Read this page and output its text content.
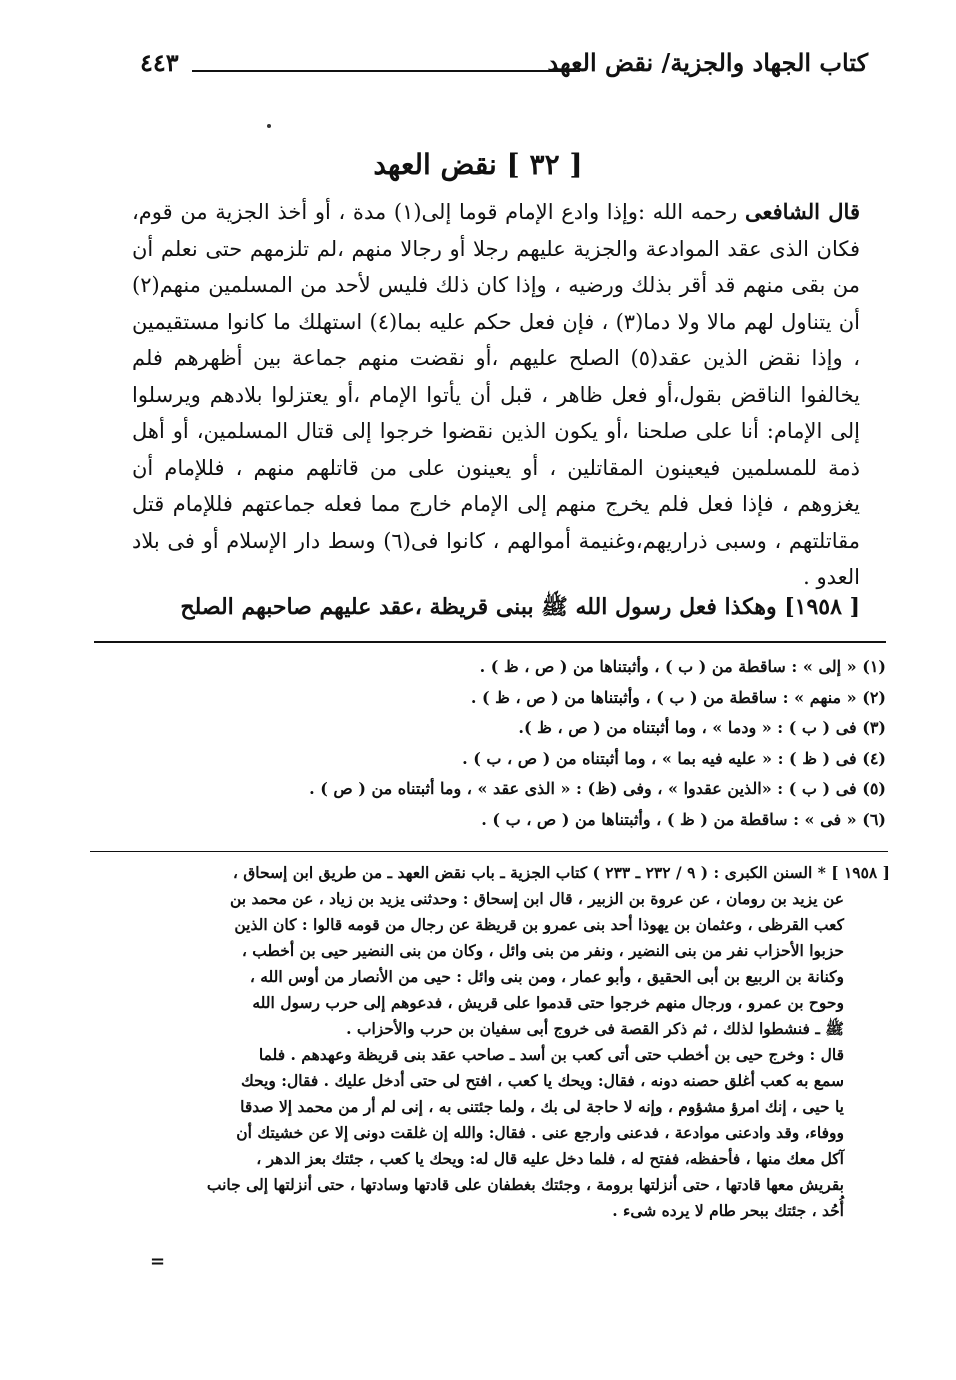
كتاب الجهاد والجزية/ نقض العهد
٤٤٣
[ ٣٢ ] نقض العهد
قال الشافعى رحمه الله :وإذا وادع الإمام قوما إلى(١) مدة ، أو أخذ الجزية من قوم، فكان الذى عقد الموادعة والجزية عليهم رجلا أو رجالا منهم ،لم تلزمهم حتى نعلم أن من بقى منهم قد أقر بذلك ورضيه ، وإذا كان ذلك فليس لأحد من المسلمين منهم(٢) أن يتناول لهم مالا ولا دما(٣) ، فإن فعل حكم عليه بما(٤) استهلك ما كانوا مستقيمين ، وإذا نقض الذين عقد(٥) الصلح عليهم ،أو نقضت منهم جماعة بين أظهرهم فلم يخالفوا الناقض بقول،أو فعل ظاهر ، قبل أن يأتوا الإمام ،أو يعتزلوا بلادهم ويرسلوا إلى الإمام: أنا على صلحنا ،أو يكون الذين نقضوا خرجوا إلى قتال المسلمين، أو أهل ذمة للمسلمين فيعينون المقاتلين ، أو يعينون على من قاتلهم منهم ، فللإمام أن يغزوهم ، فإذا فعل فلم يخرج منهم إلى الإمام خارج مما فعله جماعتهم فللإمام قتل مقاتلتهم ، وسبى ذراريهم،وغنيمة أموالهم ، كانوا فى(٦) وسط دار الإسلام أو فى بلاد العدو .
[ ١٩٥٨] وهكذا فعل رسول الله ﷺ ببنى قريظة ،عقد عليهم صاحبهم الصلح
(١) « إلى » : ساقطة من ( ب ) ، وأثبتناها من ( ص ، ظ ) .
(٢) « منهم » : ساقطة من ( ب ) ، وأثبتناها من ( ص ، ظ ) .
(٣) فى ( ب ) : « ودما » ، وما أثبتناه من ( ص ، ظ ).
(٤) فى ( ظ ) : « عليه فيه بما » ، وما أثبتناه من ( ص ، ب ) .
(٥) فى ( ب ) : «الذين عقدوا » ، وفى (ظ) : « الذى عقد » ، وما أثبتناه من ( ص ) .
(٦) « فى » : ساقطة من ( ظ ) ، وأثبتناها من ( ص ، ب ) .
[ ١٩٥٨ ] * السنن الكبرى : ( ٩ / ٢٣٢ ـ ٢٣٣ ) كتاب الجزية ـ باب نقض العهد ـ من طريق ابن إسحاق ،
عن يزيد بن رومان ، عن عروة بن الزبير ، قال ابن إسحاق : وحدثنى يزيد بن زياد ، عن محمد بن
كعب القرظى ، وعثمان بن يهوذا أحد بنى عمرو بن قريظة عن رجال من قومه قالوا : كان الذين
حزبوا الأحزاب نفر من بنى النضير ، ونفر من بنى وائل ، وكان من بنى النضير حيى بن أخطب ،
وكنانة بن الربيع بن أبى الحقيق ، وأبو عمار ، ومن بنى وائل : حيى من الأنصار من أوس الله ،
وحوح بن عمرو ، ورجال منهم خرجوا حتى قدموا على قريش ، فدعوهم إلى حرب رسول الله
ﷺ ـ فنشطوا لذلك ، ثم ذكر القصة فى خروج أبى سفيان بن حرب والأحزاب .
قال : وخرج حيى بن أخطب حتى أتى كعب بن أسد ـ صاحب عقد بنى قريظة وعهدهم . فلما
سمع به كعب أغلق حصنه دونه ، فقال: ويحك يا كعب ، افتح لى حتى أدخل عليك . فقال: ويحك
يا حيى ، إنك امرؤ مشؤوم ، وإنه لا حاجة لى بك ، ولما جئتنى به ، إنى لم أر من محمد إلا صدقا
ووفاء، وقد وادعنى موادعة ، فدعنى وارجع عنى . فقال: والله إن غلقت دونى إلا عن خشيتك أن
آكل معك منها ، فأحفظه، ففتح له ، فلما دخل عليه قال له: ويحك يا كعب ، جئتك بعز الدهر ،
بقريش معها قادتها ، حتى أنزلتها برومة ، وجئتك بغطفان على قادتها وسادتها ، حتى أنزلتها إلى جانب
أُحُد ، جئتك ببحر طام لا يرده شىء .
=
